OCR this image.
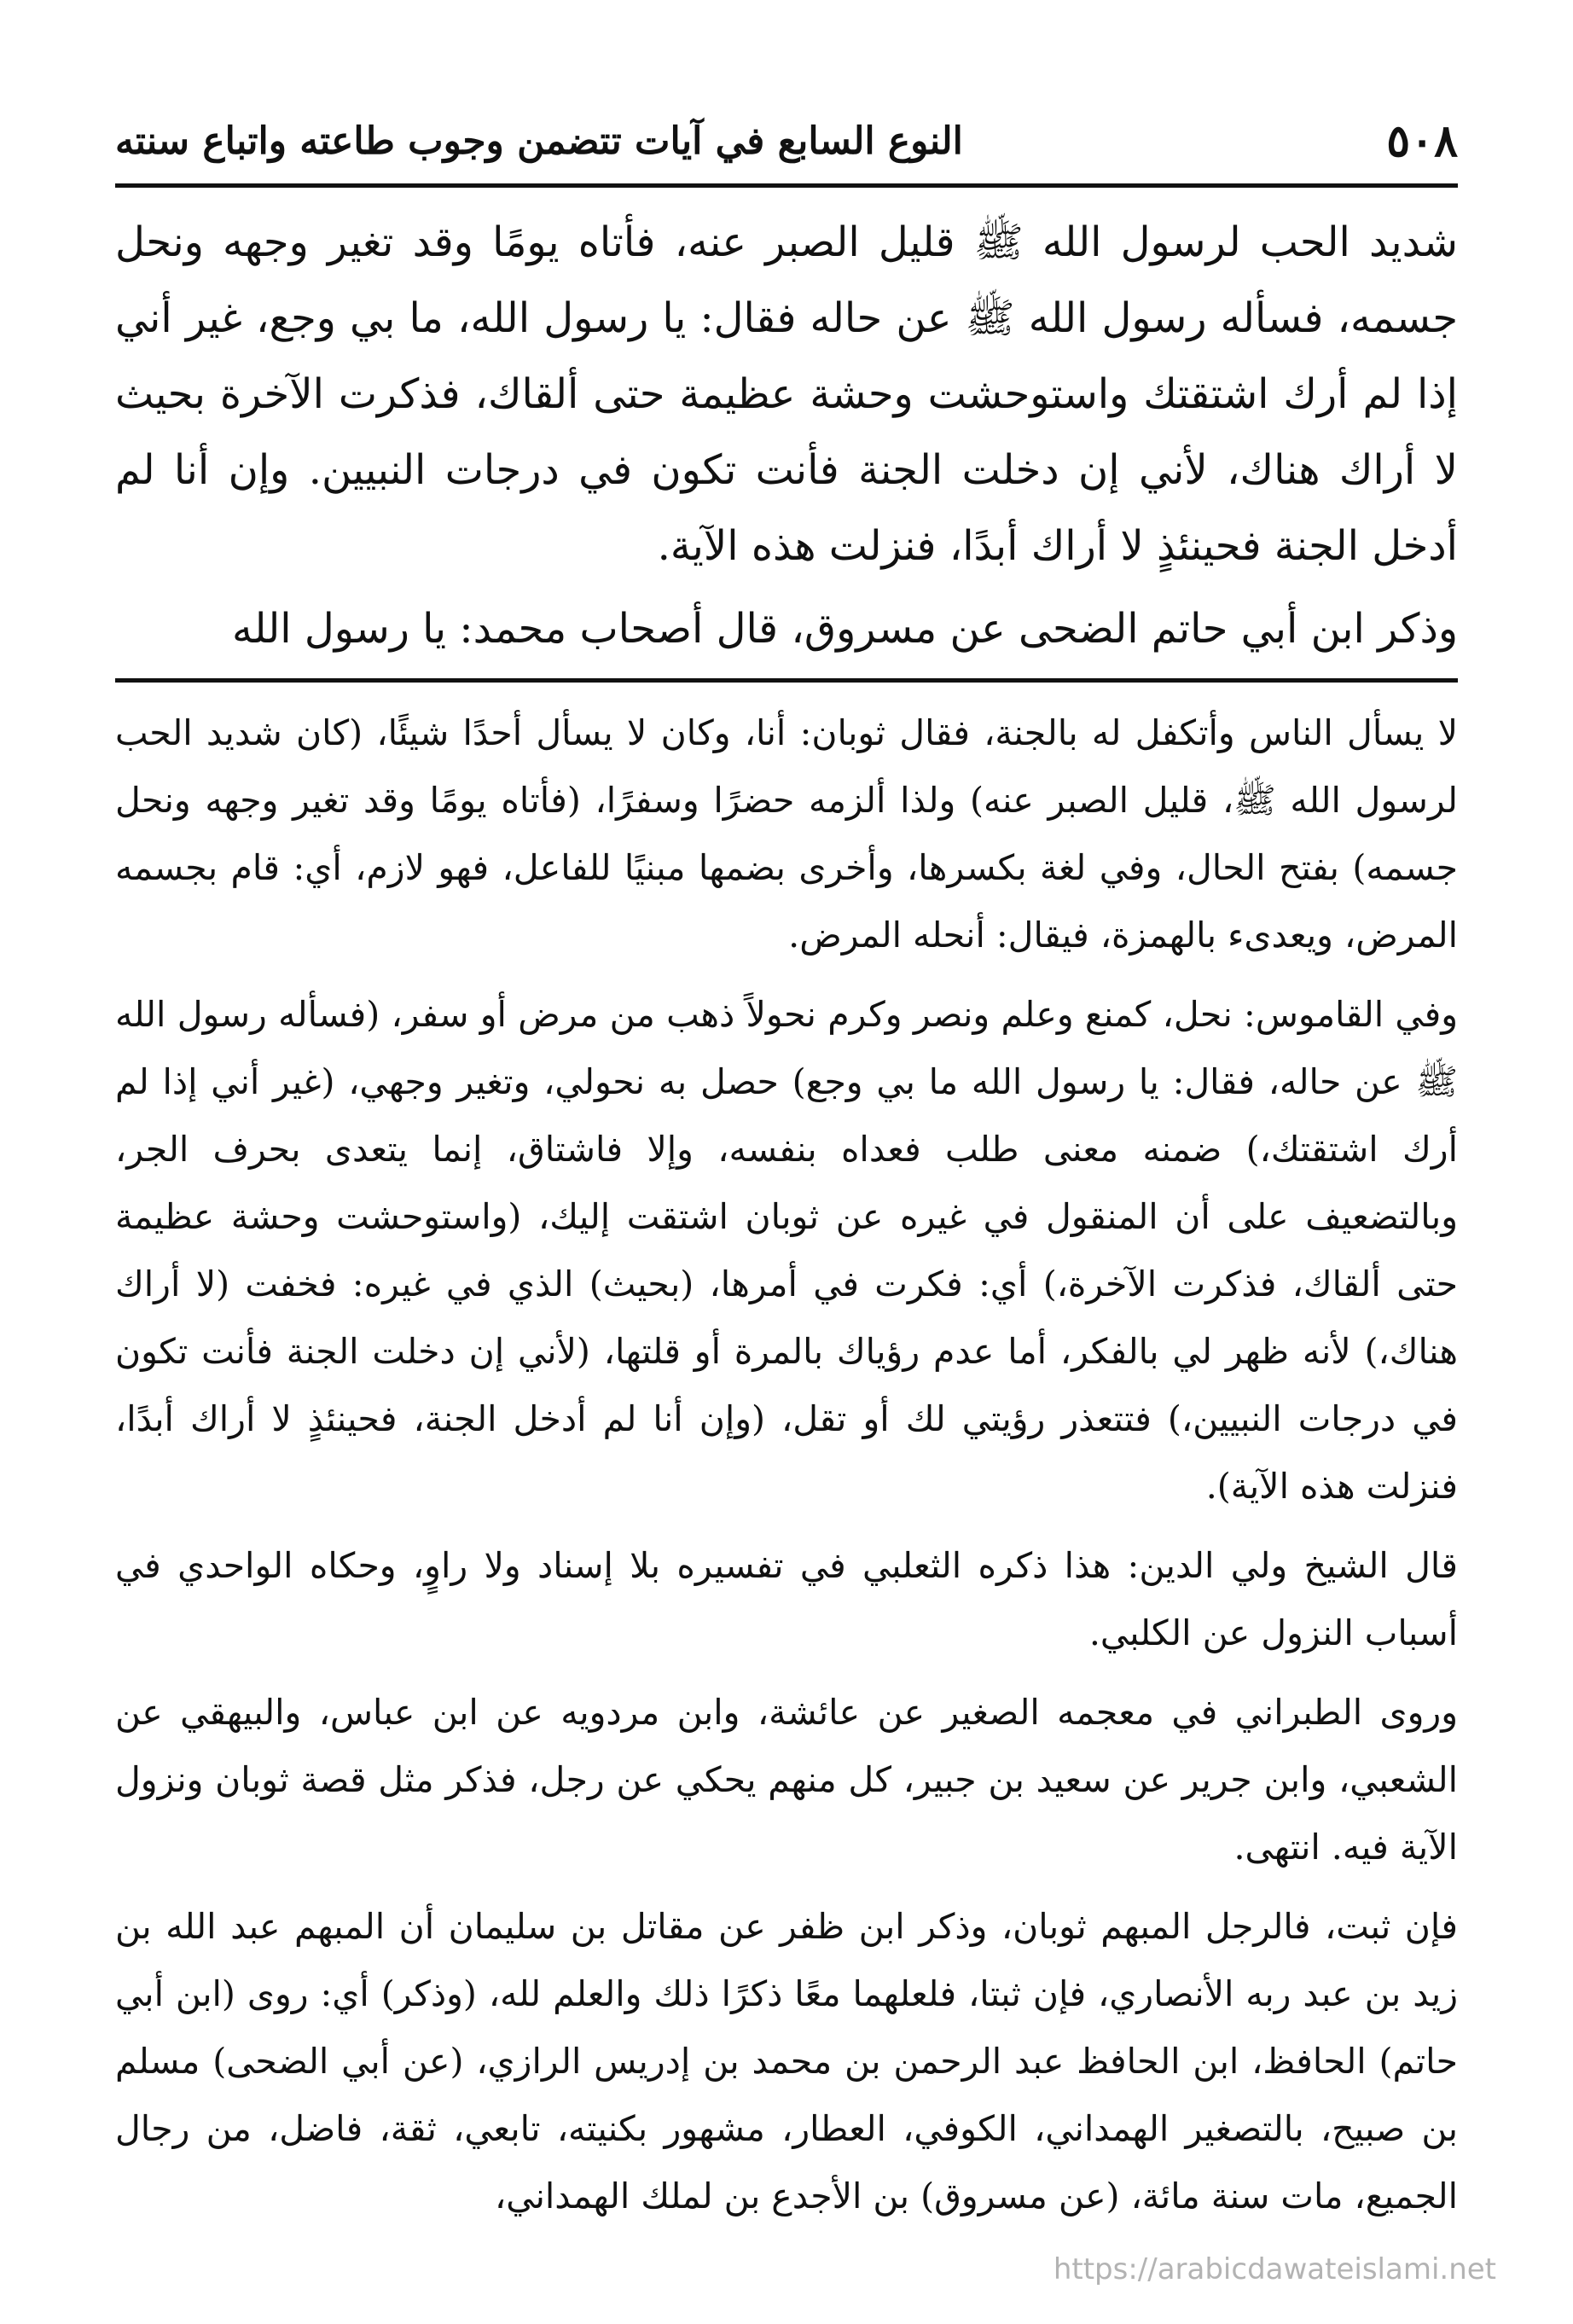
٥٠٨
النوع السابع في آيات تتضمن وجوب طاعته واتباع سنته

شديد الحب لرسول الله ﷺ قليل الصبر عنه، فأتاه يومًا وقد تغير وجهه ونحل جسمه، فسأله رسول الله ﷺ عن حاله فقال: يا رسول الله، ما بي وجع، غير أني إذا لم أرك اشتقتك واستوحشت وحشة عظيمة حتى ألقاك، فذكرت الآخرة بحيث لا أراك هناك، لأني إن دخلت الجنة فأنت تكون في درجات النبيين. وإن أنا لم أدخل الجنة فحينئذٍ لا أراك أبدًا، فنزلت هذه الآية.

وذكر ابن أبي حاتم الضحى عن مسروق، قال أصحاب محمد: يا رسول الله

لا يسأل الناس وأتكفل له بالجنة، فقال ثوبان: أنا، وكان لا يسأل أحدًا شيئًا، (كان شديد الحب لرسول الله ﷺ، قليل الصبر عنه) ولذا ألزمه حضرًا وسفرًا، (فأتاه يومًا وقد تغير وجهه ونحل جسمه) بفتح الحال، وفي لغة بكسرها، وأخرى بضمها مبنيًا للفاعل، فهو لازم، أي: قام بجسمه المرض، ويعدىء بالهمزة، فيقال: أنحله المرض.

وفي القاموس: نحل، كمنع وعلم ونصر وكرم نحولاً ذهب من مرض أو سفر، (فسأله رسول الله ﷺ عن حاله، فقال: يا رسول الله ما بي وجع) حصل به نحولي، وتغير وجهي، (غير أني إذا لم أرك اشتقتك،) ضمنه معنى طلب فعداه بنفسه، وإلا فاشتاق، إنما يتعدى بحرف الجر، وبالتضعيف على أن المنقول في غيره عن ثوبان اشتقت إليك، (واستوحشت وحشة عظيمة حتى ألقاك، فذكرت الآخرة،) أي: فكرت في أمرها، (بحيث) الذي في غيره: فخفت (لا أراك هناك،) لأنه ظهر لي بالفكر، أما عدم رؤياك بالمرة أو قلتها، (لأني إن دخلت الجنة فأنت تكون في درجات النبيين،) فتتعذر رؤيتي لك أو تقل، (وإن أنا لم أدخل الجنة، فحينئذٍ لا أراك أبدًا، فنزلت هذه الآية).

قال الشيخ ولي الدين: هذا ذكره الثعلبي في تفسيره بلا إسناد ولا راوٍ، وحكاه الواحدي في أسباب النزول عن الكلبي.

وروى الطبراني في معجمه الصغير عن عائشة، وابن مردويه عن ابن عباس، والبيهقي عن الشعبي، وابن جرير عن سعيد بن جبير، كل منهم يحكي عن رجل، فذكر مثل قصة ثوبان ونزول الآية فيه. انتهى.

فإن ثبت، فالرجل المبهم ثوبان، وذكر ابن ظفر عن مقاتل بن سليمان أن المبهم عبد الله بن زيد بن عبد ربه الأنصاري، فإن ثبتا، فلعلهما معًا ذكرًا ذلك والعلم لله، (وذكر) أي: روى (ابن أبي حاتم) الحافظ، ابن الحافظ عبد الرحمن بن محمد بن إدريس الرازي، (عن أبي الضحى) مسلم بن صبيح، بالتصغير الهمداني، الكوفي، العطار، مشهور بكنيته، تابعي، ثقة، فاضل، من رجال الجميع، مات سنة مائة، (عن مسروق) بن الأجدع بن لملك الهمداني،

https://arabicdawateislami.net
